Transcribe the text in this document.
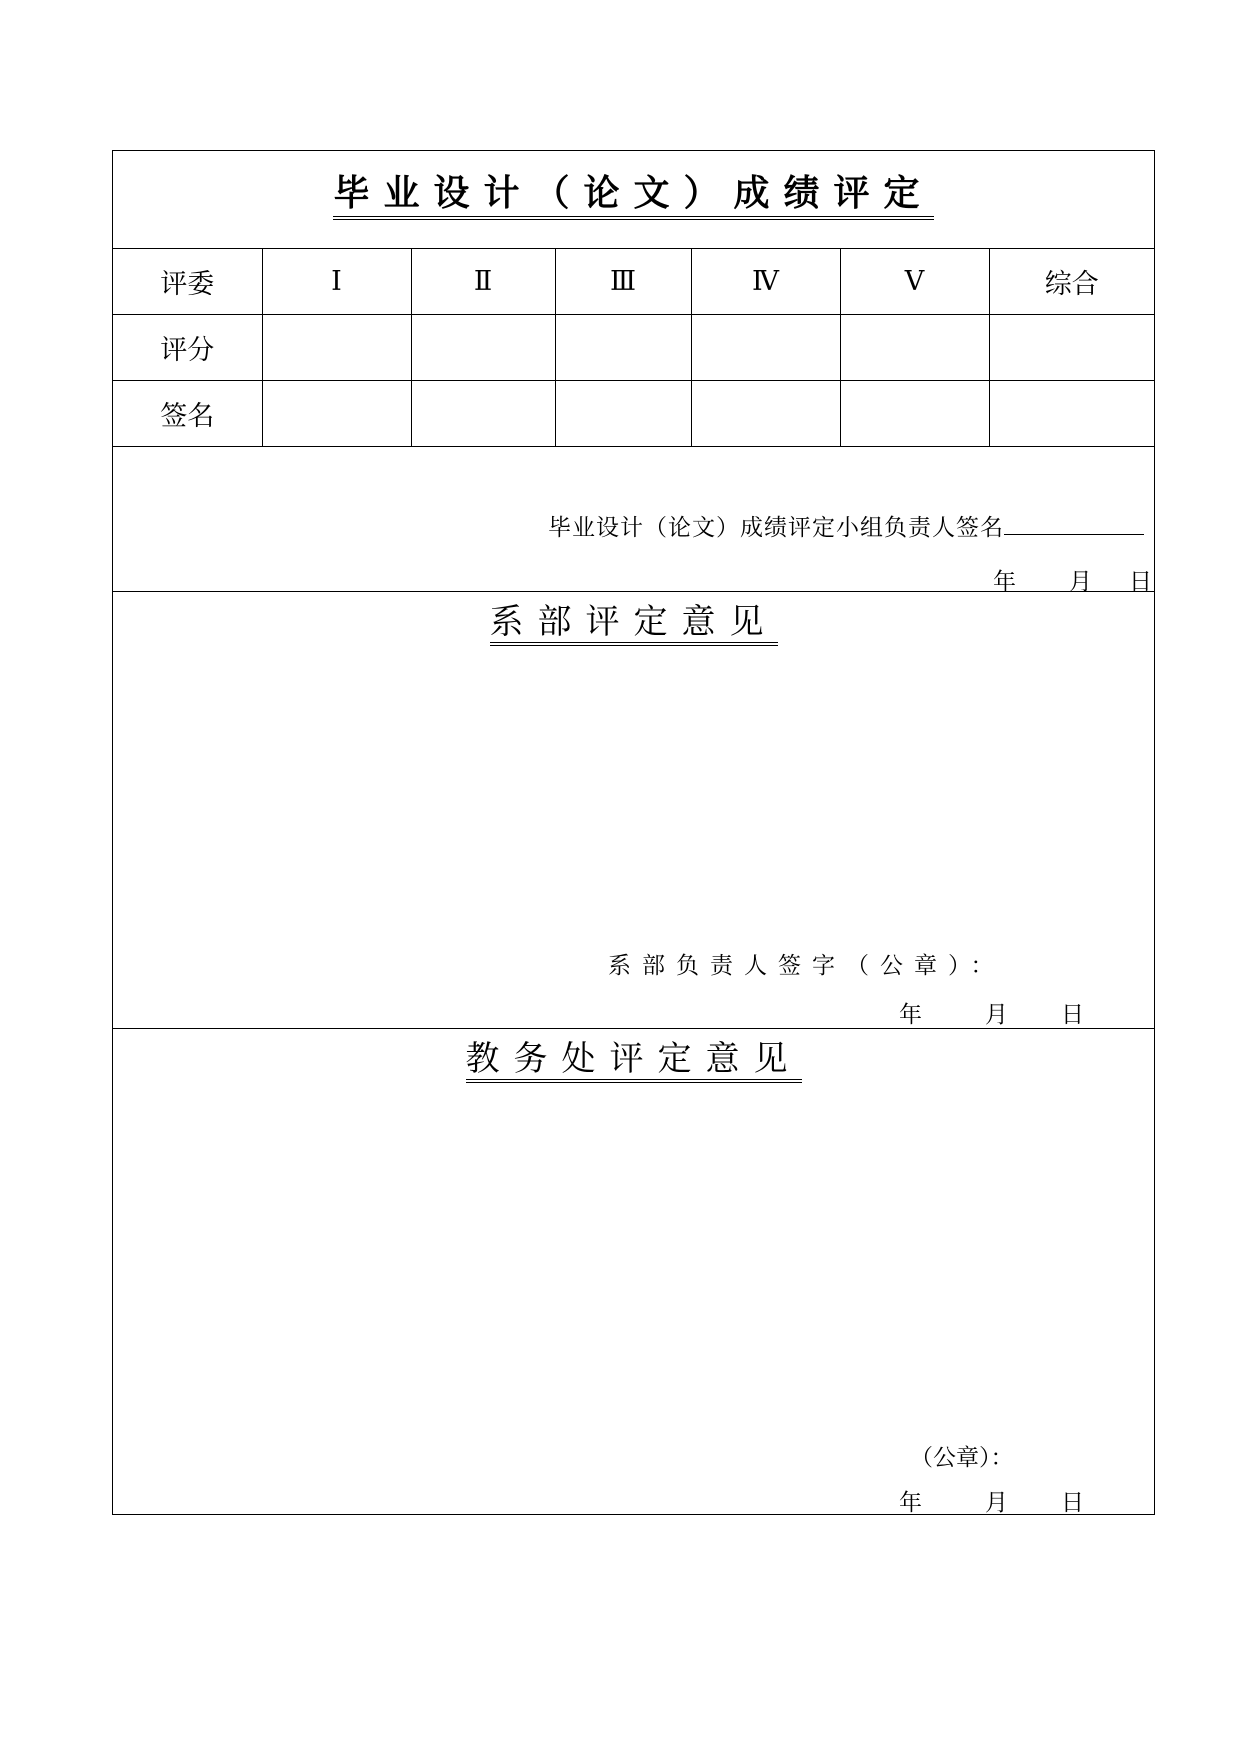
毕业设计（论文）成绩评定
评委	Ⅰ	Ⅱ	Ⅲ	Ⅳ	Ⅴ	综合
评分						
签名						
毕业设计（论文）成绩评定小组负责人签名
年 月 日
系部评定意见
系部负责人签字（公章）：
年	月 日
教务处评定意见
（公章）：
年	月 日
